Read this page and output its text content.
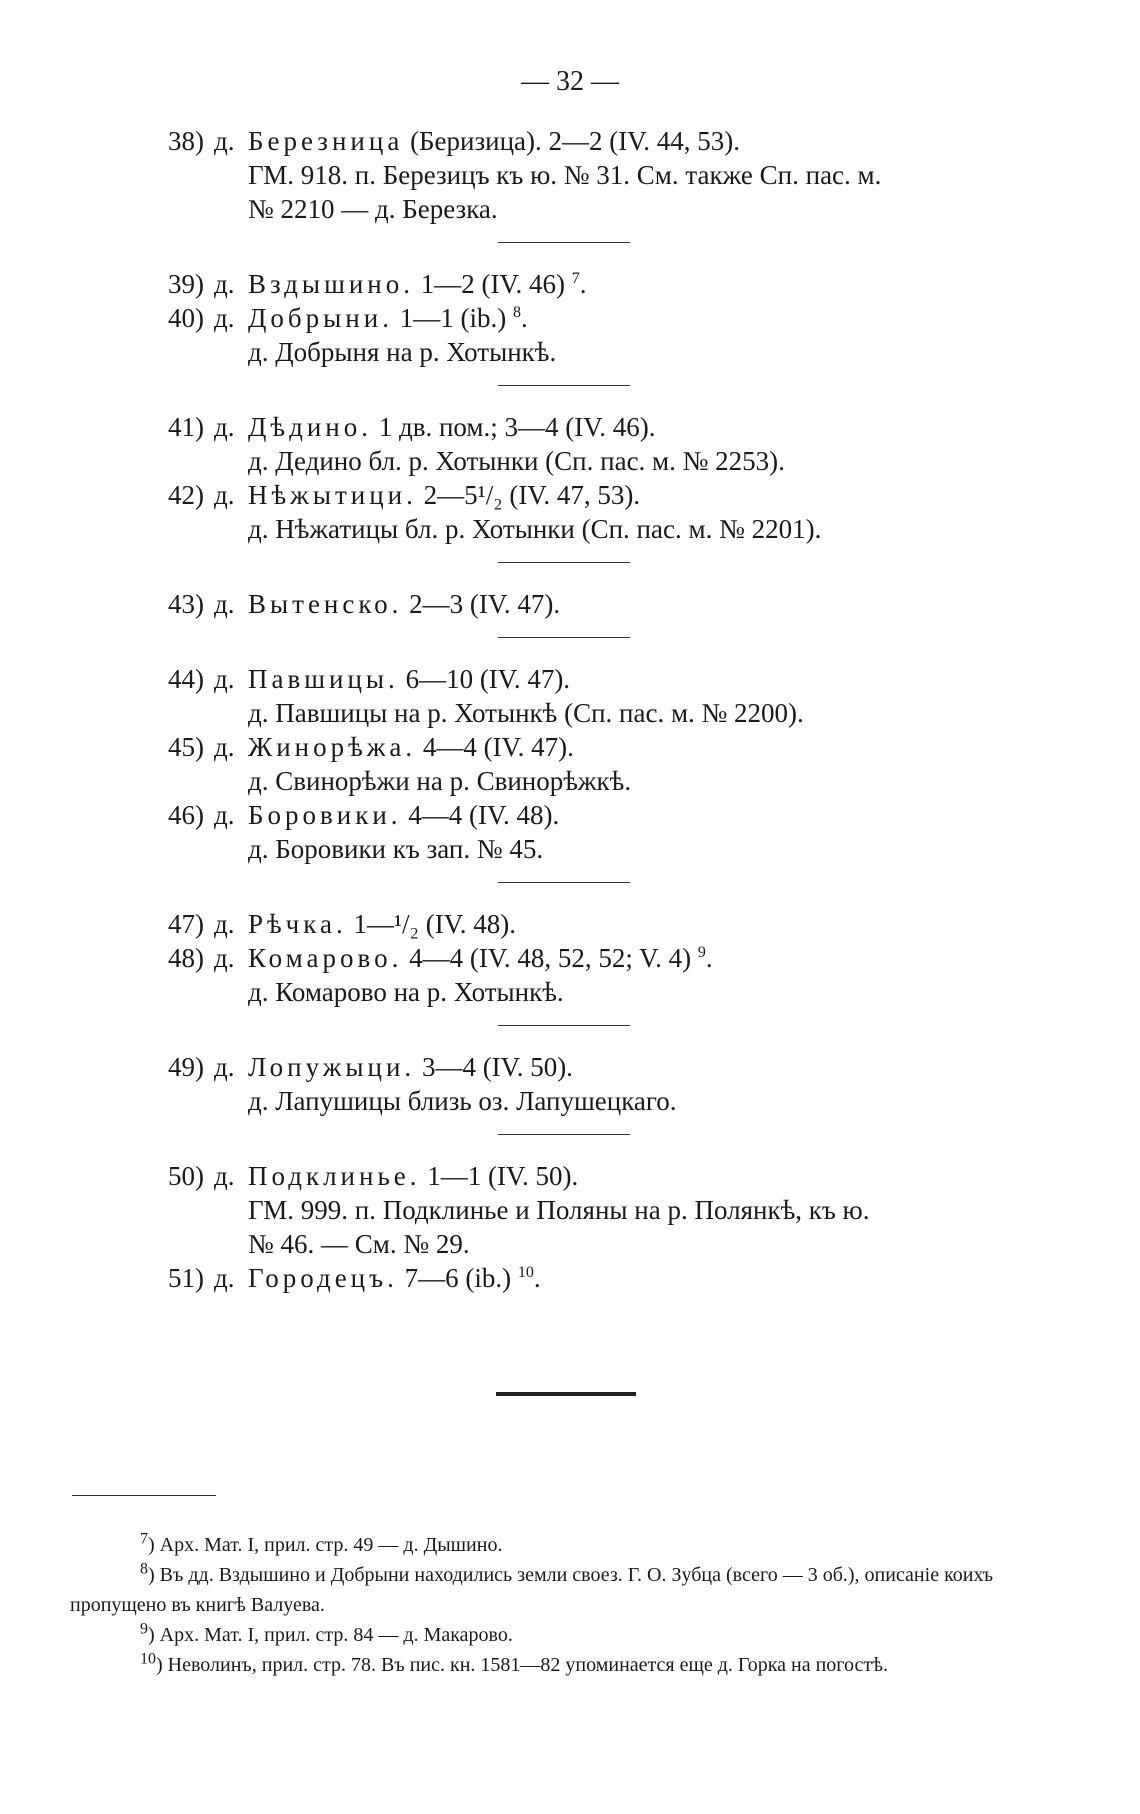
— 32 —
38) д. Березница (Беризица). 2—2 (IV. 44, 53).
ГМ. 918. п. Березицъ къ ю. № 31. См. также Сп. пас. м.
№ 2210 — д. Березка.
39) д. Вздышино. 1—2 (IV. 46) $^7$.
40) д. Добрыни. 1—1 (ib.) $^8$.
д. Добрыня на р. Хотынкѣ.
41) д. Дѣдино. 1 дв. пом.; 3—4 (IV. 46).
д. Дедино бл. р. Хотынки (Сп. пас. м. № 2253).
42) д. Нѣжытици. 2—5¹/₂ (IV. 47, 53).
д. Нѣжатицы бл. р. Хотынки (Сп. пас. м. № 2201).
43) д. Вытенско. 2—3 (IV. 47).
44) д. Павшицы. 6—10 (IV. 47).
д. Павшицы на р. Хотынкѣ (Сп. пас. м. № 2200).
45) д. Жинорѣжа. 4—4 (IV. 47).
д. Свинорѣжи на р. Свинорѣжкѣ.
46) д. Боровики. 4—4 (IV. 48).
д. Боровики къ зап. № 45.
47) д. Рѣчка. 1—¹/₂ (IV. 48).
48) д. Комарово. 4—4 (IV. 48, 52, 52; V. 4) $^9$.
д. Комарово на р. Хотынкѣ.
49) д. Лопужыци. 3—4 (IV. 50).
д. Лапушицы близь оз. Лапушецкаго.
50) д. Подклинье. 1—1 (IV. 50).
ГМ. 999. п. Подклинье и Поляны на р. Полянкѣ, къ ю.
№ 46. — См. № 29.
51) д. Городецъ. 7—6 (ib.) $^{10}$.
$^7$) Арх. Мат. I, прил. стр. 49 — д. Дышино.
$^8$) Въ дд. Вздышино и Добрыни находились земли своез. Г. О. Зубца (всего — 3 об.), описаніе коихъ пропущено въ книгѣ Валуева.
$^9$) Арх. Мат. I, прил. стр. 84 — д. Макарово.
$^{10}$) Неволинъ, прил. стр. 78. Въ пис. кн. 1581—82 упоминается еще д. Горка на погостѣ.
